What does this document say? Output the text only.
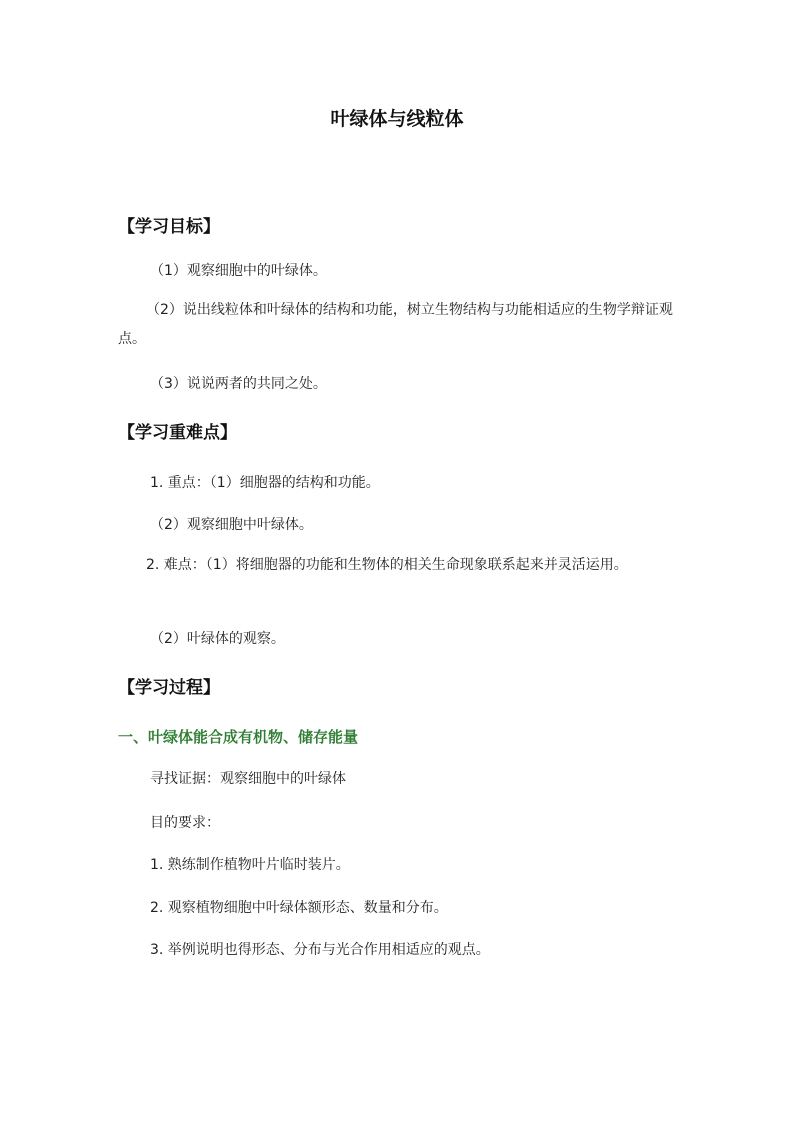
叶绿体与线粒体
【学习目标】
（1）观察细胞中的叶绿体。
（2）说出线粒体和叶绿体的结构和功能，树立生物结构与功能相适应的生物学辩证观点。
（3）说说两者的共同之处。
【学习重难点】
1. 重点：（1）细胞器的结构和功能。
（2）观察细胞中叶绿体。
2. 难点：（1）将细胞器的功能和生物体的相关生命现象联系起来并灵活运用。
（2）叶绿体的观察。
【学习过程】
一、叶绿体能合成有机物、储存能量
寻找证据：观察细胞中的叶绿体
目的要求：
1. 熟练制作植物叶片临时装片。
2. 观察植物细胞中叶绿体额形态、数量和分布。
3. 举例说明也得形态、分布与光合作用相适应的观点。
